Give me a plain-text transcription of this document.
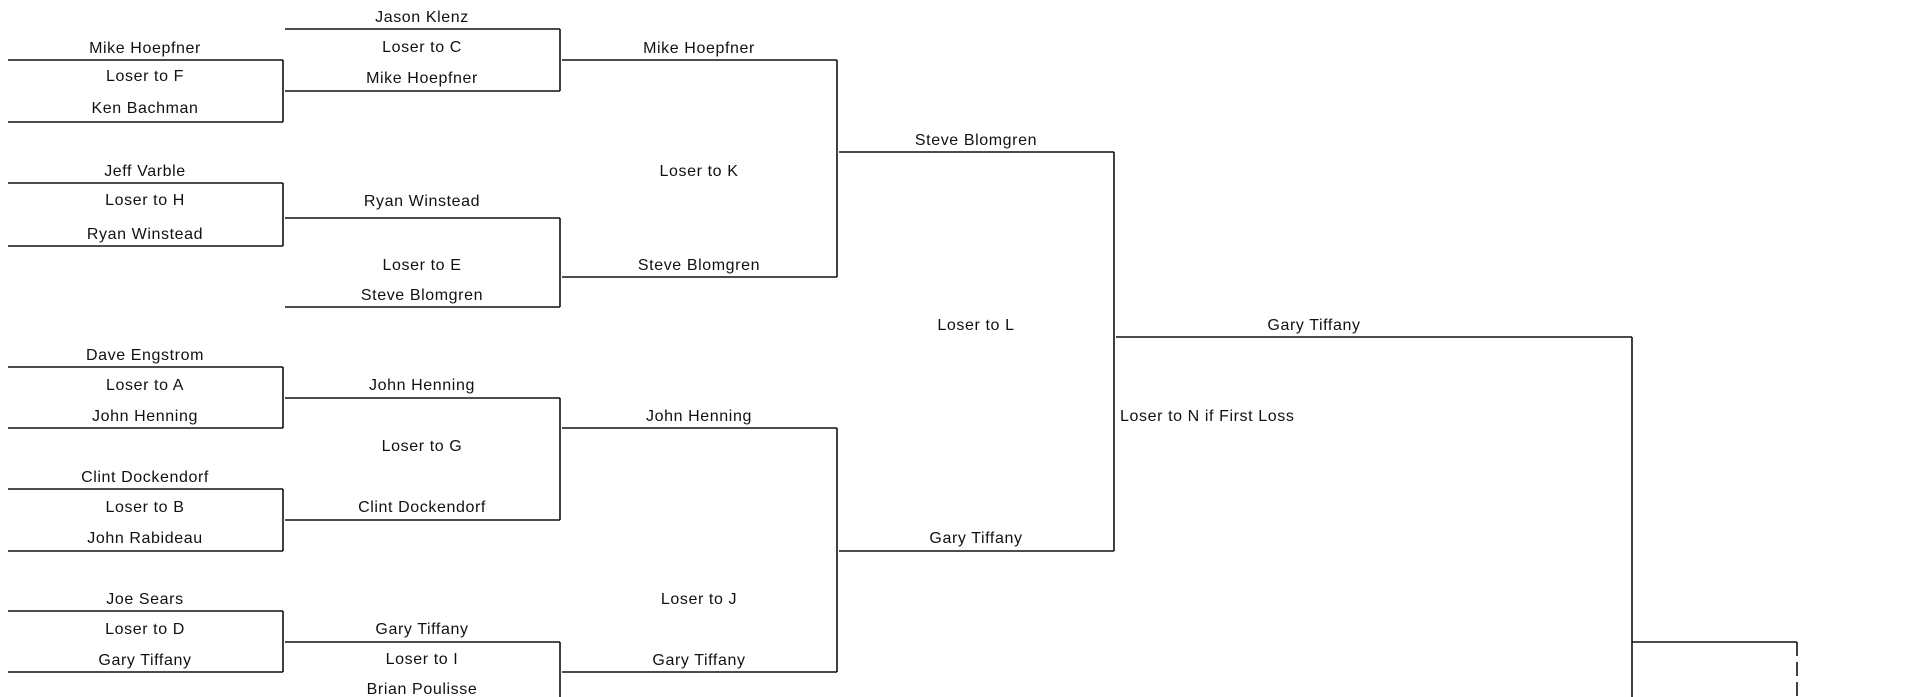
Mike Hoepfner
Loser to F
Ken Bachman
Jeff Varble
Loser to H
Ryan Winstead
Dave Engstrom
Loser to A
John Henning
Clint Dockendorf
Loser to B
John Rabideau
Joe Sears
Loser to D
Gary Tiffany
Jason Klenz
Loser to C
Mike Hoepfner
Ryan Winstead
Loser to E
Steve Blomgren
John Henning
Loser to G
Clint Dockendorf
Gary Tiffany
Loser to I
Brian Poulisse
Mike Hoepfner
Loser to K
Steve Blomgren
John Henning
Loser to J
Gary Tiffany
Steve Blomgren
Loser to L
Gary Tiffany
Gary Tiffany
Loser to N if First Loss
